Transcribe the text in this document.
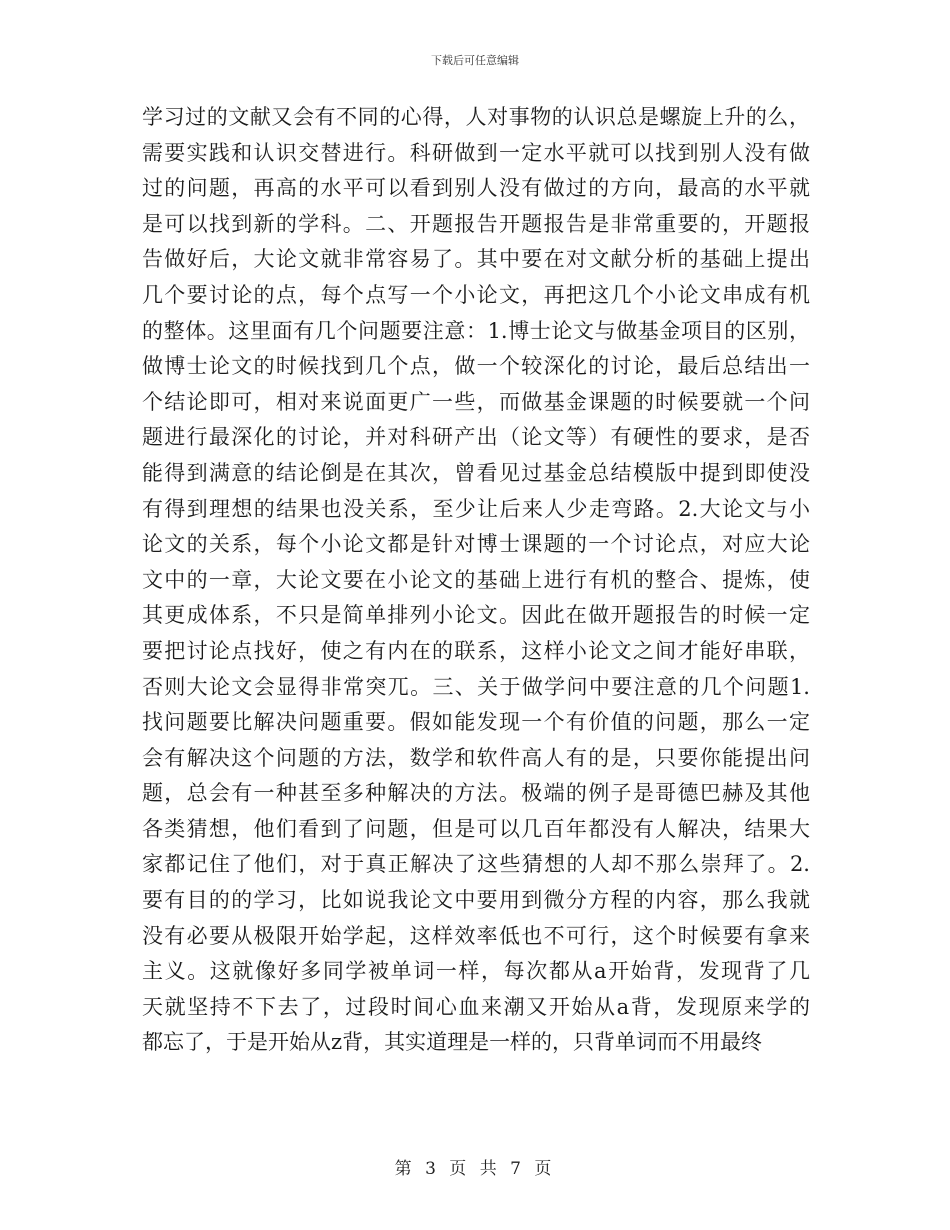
下载后可任意编辑
学习过的文献又会有不同的心得，人对事物的认识总是螺旋上升的么，
需要实践和认识交替进行。科研做到一定水平就可以找到别人没有做
过的问题，再高的水平可以看到别人没有做过的方向，最高的水平就
是可以找到新的学科。二、开题报告开题报告是非常重要的，开题报
告做好后，大论文就非常容易了。其中要在对文献分析的基础上提出
几个要讨论的点，每个点写一个小论文，再把这几个小论文串成有机
的整体。这里面有几个问题要注意：1.博士论文与做基金项目的区别，
做博士论文的时候找到几个点，做一个较深化的讨论，最后总结出一
个结论即可，相对来说面更广一些，而做基金课题的时候要就一个问
题进行最深化的讨论，并对科研产出（论文等）有硬性的要求，是否
能得到满意的结论倒是在其次，曾看见过基金总结模版中提到即使没
有得到理想的结果也没关系，至少让后来人少走弯路。2.大论文与小
论文的关系，每个小论文都是针对博士课题的一个讨论点，对应大论
文中的一章，大论文要在小论文的基础上进行有机的整合、提炼，使
其更成体系，不只是简单排列小论文。因此在做开题报告的时候一定
要把讨论点找好，使之有内在的联系，这样小论文之间才能好串联，
否则大论文会显得非常突兀。三、关于做学问中要注意的几个问题1.
找问题要比解决问题重要。假如能发现一个有价值的问题，那么一定
会有解决这个问题的方法，数学和软件高人有的是，只要你能提出问
题，总会有一种甚至多种解决的方法。极端的例子是哥德巴赫及其他
各类猜想，他们看到了问题，但是可以几百年都没有人解决，结果大
家都记住了他们，对于真正解决了这些猜想的人却不那么崇拜了。2.
要有目的的学习，比如说我论文中要用到微分方程的内容，那么我就
没有必要从极限开始学起，这样效率低也不可行，这个时候要有拿来
主义。这就像好多同学被单词一样，每次都从a开始背，发现背了几
天就坚持不下去了，过段时间心血来潮又开始从a背，发现原来学的
都忘了，于是开始从z背，其实道理是一样的，只背单词而不用最终
第 3 页 共 7 页
